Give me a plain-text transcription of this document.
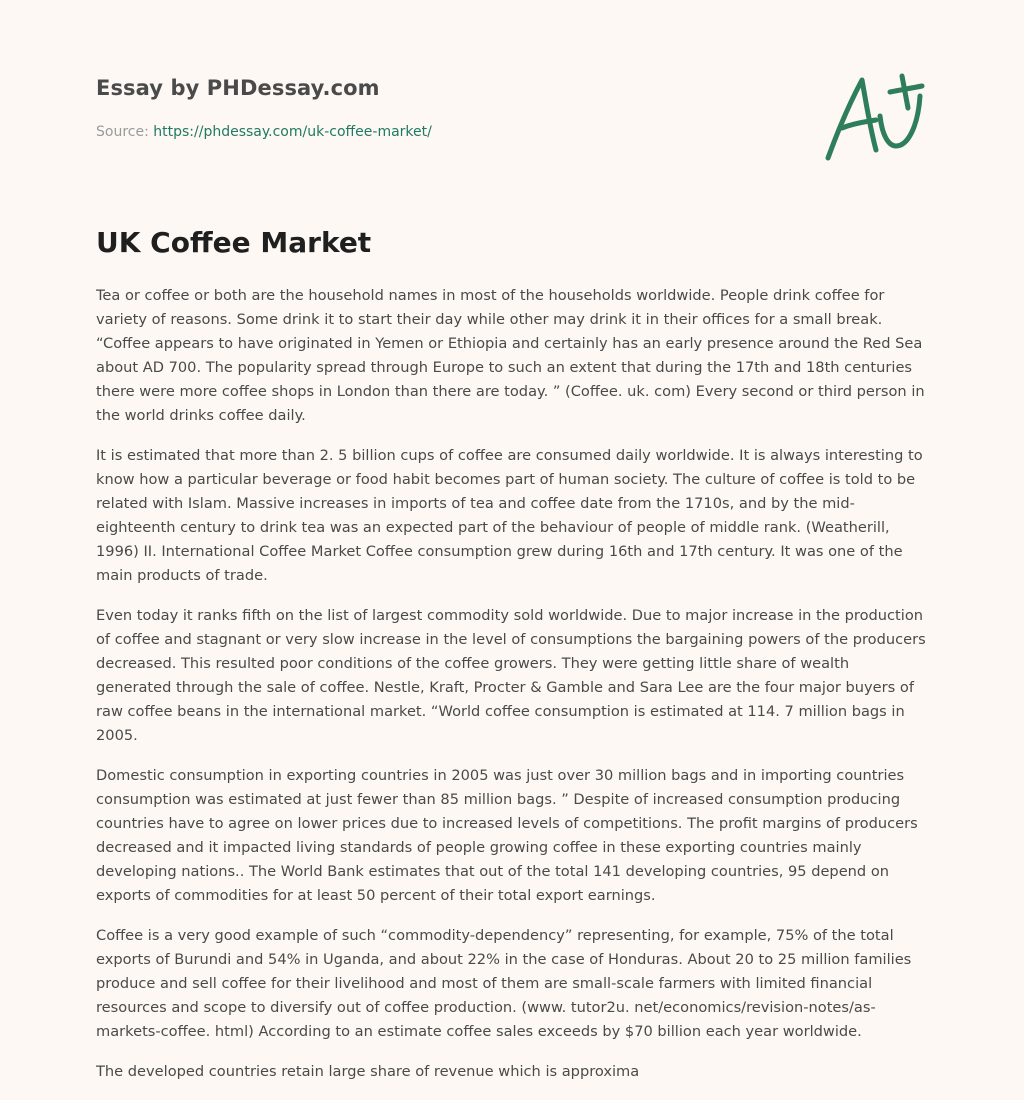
Essay by PHDessay.com

Source: https://phdessay.com/uk-coffee-market/

UK Coffee Market

Tea or coffee or both are the household names in most of the households worldwide. People drink coffee for variety of reasons. Some drink it to start their day while other may drink it in their offices for a small break. “Coffee appears to have originated in Yemen or Ethiopia and certainly has an early presence around the Red Sea about AD 700. The popularity spread through Europe to such an extent that during the 17th and 18th centuries there were more coffee shops in London than there are today. ” (Coffee. uk. com) Every second or third person in the world drinks coffee daily.

It is estimated that more than 2. 5 billion cups of coffee are consumed daily worldwide. It is always interesting to know how a particular beverage or food habit becomes part of human society. The culture of coffee is told to be related with Islam. Massive increases in imports of tea and coffee date from the 1710s, and by the mid-eighteenth century to drink tea was an expected part of the behaviour of people of middle rank. (Weatherill, 1996) II. International Coffee Market Coffee consumption grew during 16th and 17th century. It was one of the main products of trade.

Even today it ranks fifth on the list of largest commodity sold worldwide. Due to major increase in the production of coffee and stagnant or very slow increase in the level of consumptions the bargaining powers of the producers decreased. This resulted poor conditions of the coffee growers. They were getting little share of wealth generated through the sale of coffee. Nestle, Kraft, Procter & Gamble and Sara Lee are the four major buyers of raw coffee beans in the international market. “World coffee consumption is estimated at 114. 7 million bags in 2005.

Domestic consumption in exporting countries in 2005 was just over 30 million bags and in importing countries consumption was estimated at just fewer than 85 million bags. ” Despite of increased consumption producing countries have to agree on lower prices due to increased levels of competitions. The profit margins of producers decreased and it impacted living standards of people growing coffee in these exporting countries mainly developing nations.. The World Bank estimates that out of the total 141 developing countries, 95 depend on exports of commodities for at least 50 percent of their total export earnings.

Coffee is a very good example of such “commodity-dependency” representing, for example, 75% of the total exports of Burundi and 54% in Uganda, and about 22% in the case of Honduras. About 20 to 25 million families produce and sell coffee for their livelihood and most of them are small-scale farmers with limited financial resources and scope to diversify out of coffee production. (www. tutor2u. net/economics/revision-notes/as-markets-coffee. html) According to an estimate coffee sales exceeds by $70 billion each year worldwide.

The developed countries retain large share of revenue which is approxima
